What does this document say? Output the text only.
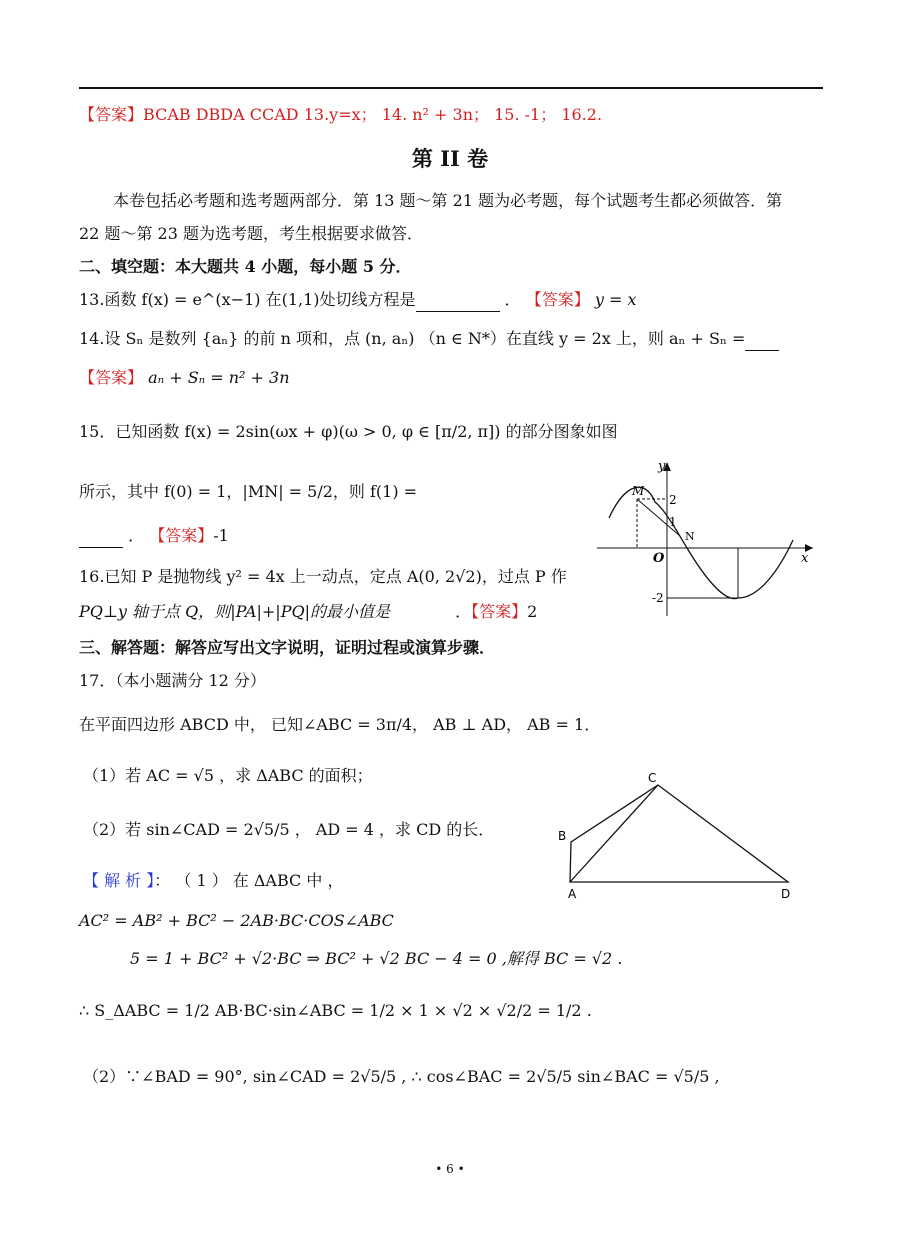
【答案】BCAB DBDA CCAD 13.y=x； 14. n² + 3n； 15. -1； 16.2.
第 II 卷
本卷包括必考题和选考题两部分．第 13 题～第 21 题为必考题，每个试题考生都必须做答．第
22 题～第 23 题为选考题，考生根据要求做答．
二、填空题：本大题共 4 小题，每小题 5 分．
13.函数 f(x) = e^(x−1) 在(1,1)处切线方程是	． 【答案】 y = x
14.设 Sₙ 是数列 {aₙ} 的前 n 项和，点 (n, aₙ) （n ∈ N*）在直线 y = 2x 上，则 aₙ + Sₙ =
【答案】 aₙ + Sₙ = n² + 3n
15．已知函数 f(x) = 2sin(ωx + φ)(ω > 0, φ ∈ [π/2, π]) 的部分图象如图
所示，其中 f(0) = 1，|MN| = 5/2，则 f(1) =
． 【答案】-1
16.已知 P 是抛物线 y² = 4x 上一动点，定点 A(0, 2√2)，过点 P 作
PQ⊥y 轴于点 Q，则|PA|+|PQ|的最小值是	．【答案】2
y
x
O
M
N
2
1
-2
三、解答题：解答应写出文字说明，证明过程或演算步骤．
17．（本小题满分 12 分）
在平面四边形 ABCD 中， 已知∠ABC = 3π/4， AB ⊥ AD， AB = 1．
（1）若 AC = √5 ，求 ΔABC 的面积；
（2）若 sin∠CAD = 2√5/5 ， AD = 4 ，求 CD 的长．
【 解 析 】： （ 1 ） 在 ΔABC 中 ，
AC² = AB² + BC² − 2AB·BC·COS∠ABC
5 = 1 + BC² + √2·BC ⇒ BC² + √2 BC − 4 = 0 ,解得 BC = √2 .
∴ S_ΔABC = 1/2 AB·BC·sin∠ABC = 1/2 × 1 × √2 × √2/2 = 1/2 .
（2）∵∠BAD = 90°, sin∠CAD = 2√5/5 , ∴ cos∠BAC = 2√5/5 sin∠BAC = √5/5 ,
A
B
C
D
• 6 •
